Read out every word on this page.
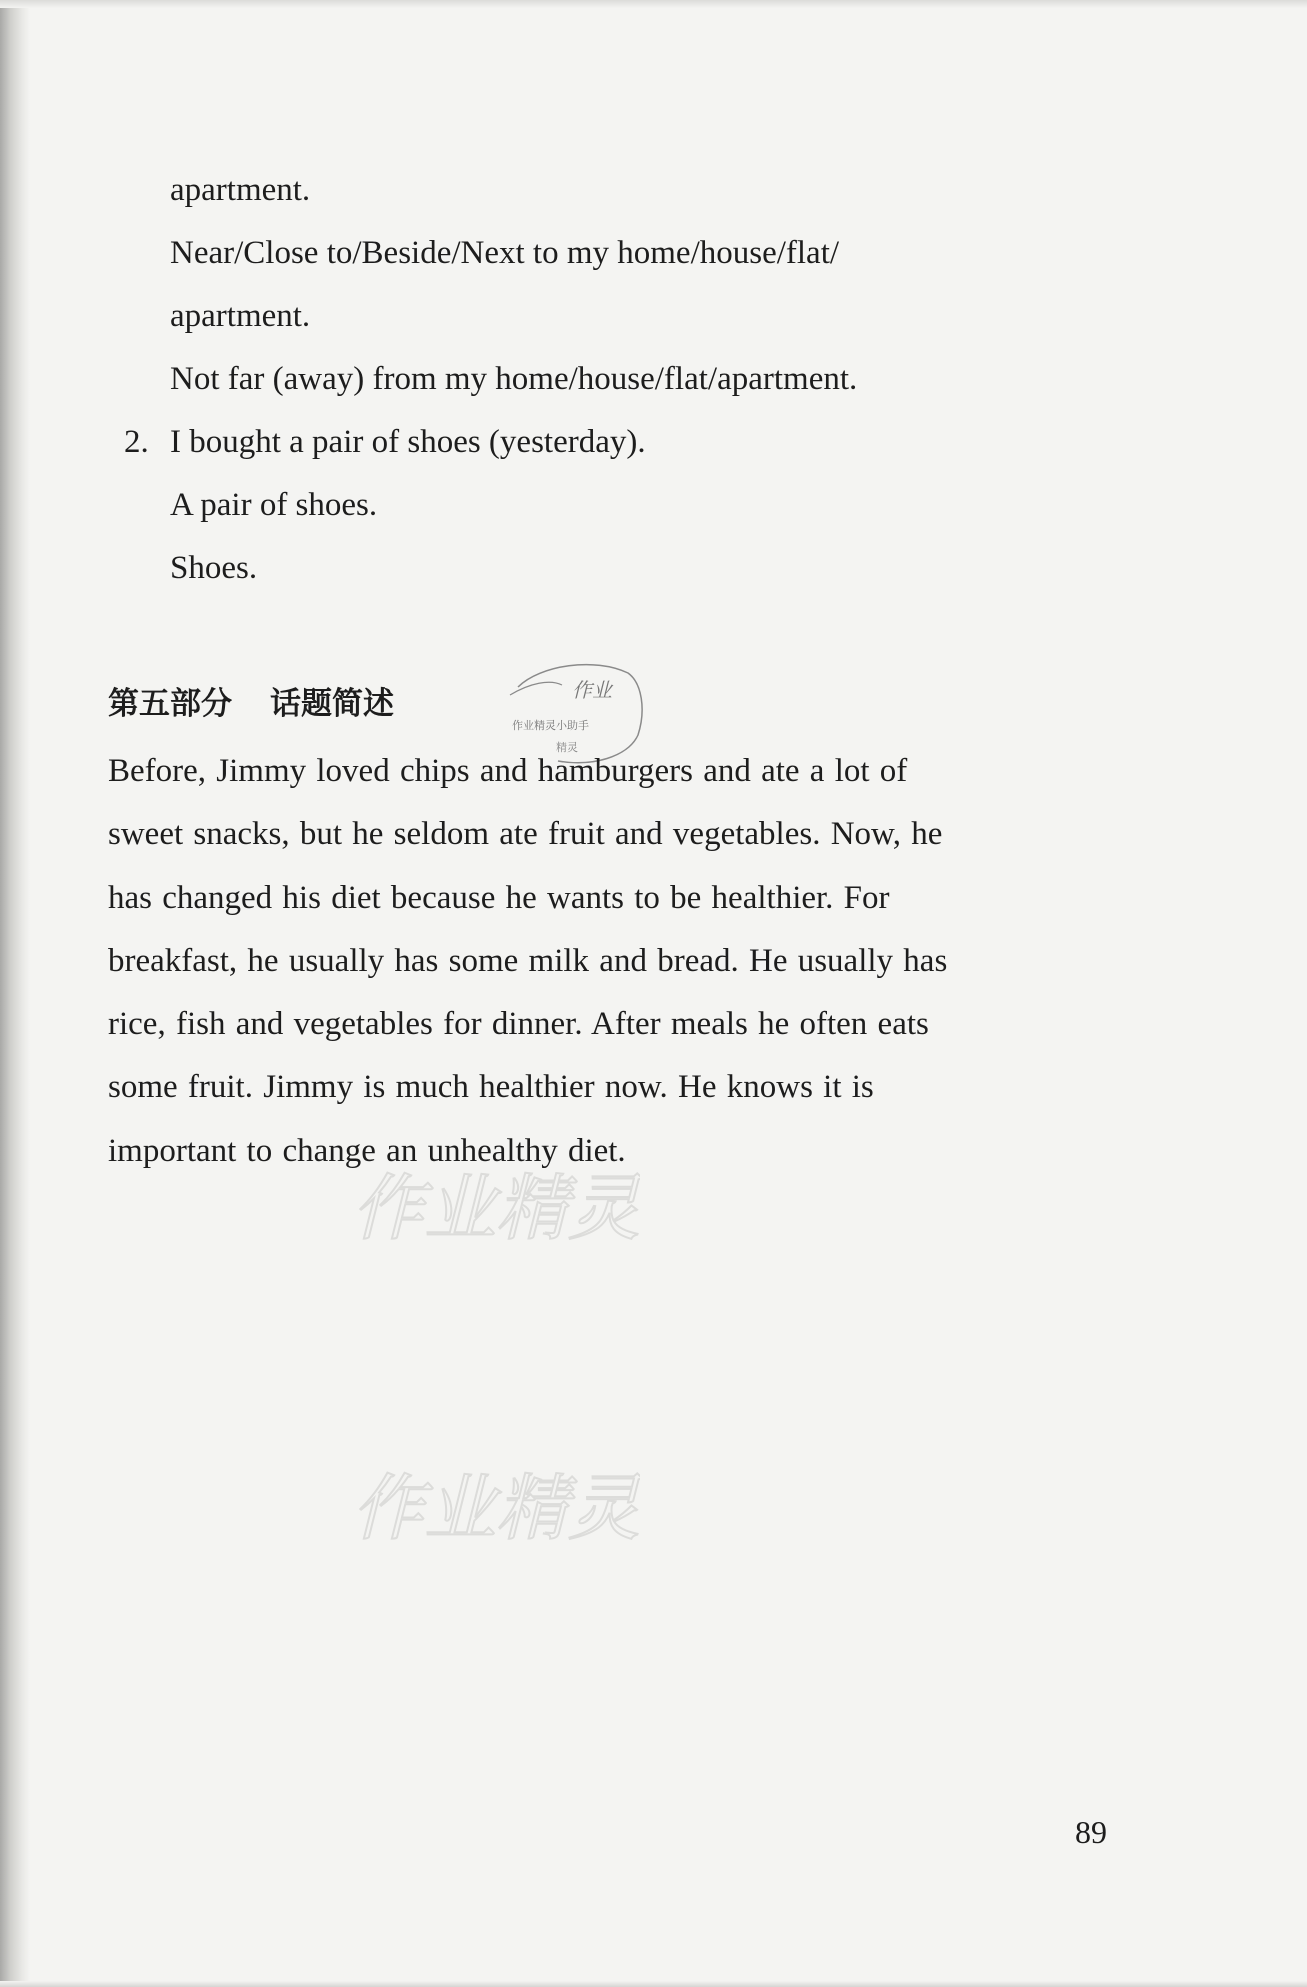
apartment.
Near/Close to/Beside/Next to my home/house/flat/
apartment.
Not far (away) from my home/house/flat/apartment.
2. I bought a pair of shoes (yesterday).
A pair of shoes.
Shoes.
第五部分 话题简述	作业
作业精灵小助手
精灵
Before, Jimmy loved chips and hamburgers and ate a lot of
sweet snacks, but he seldom ate fruit and vegetables. Now, he
has changed his diet because he wants to be healthier. For
breakfast, he usually has some milk and bread. He usually has
rice, fish and vegetables for dinner. After meals he often eats
some fruit. Jimmy is much healthier now. He knows it is
important to change an unhealthy diet.
作业精灵
作业精灵
89
